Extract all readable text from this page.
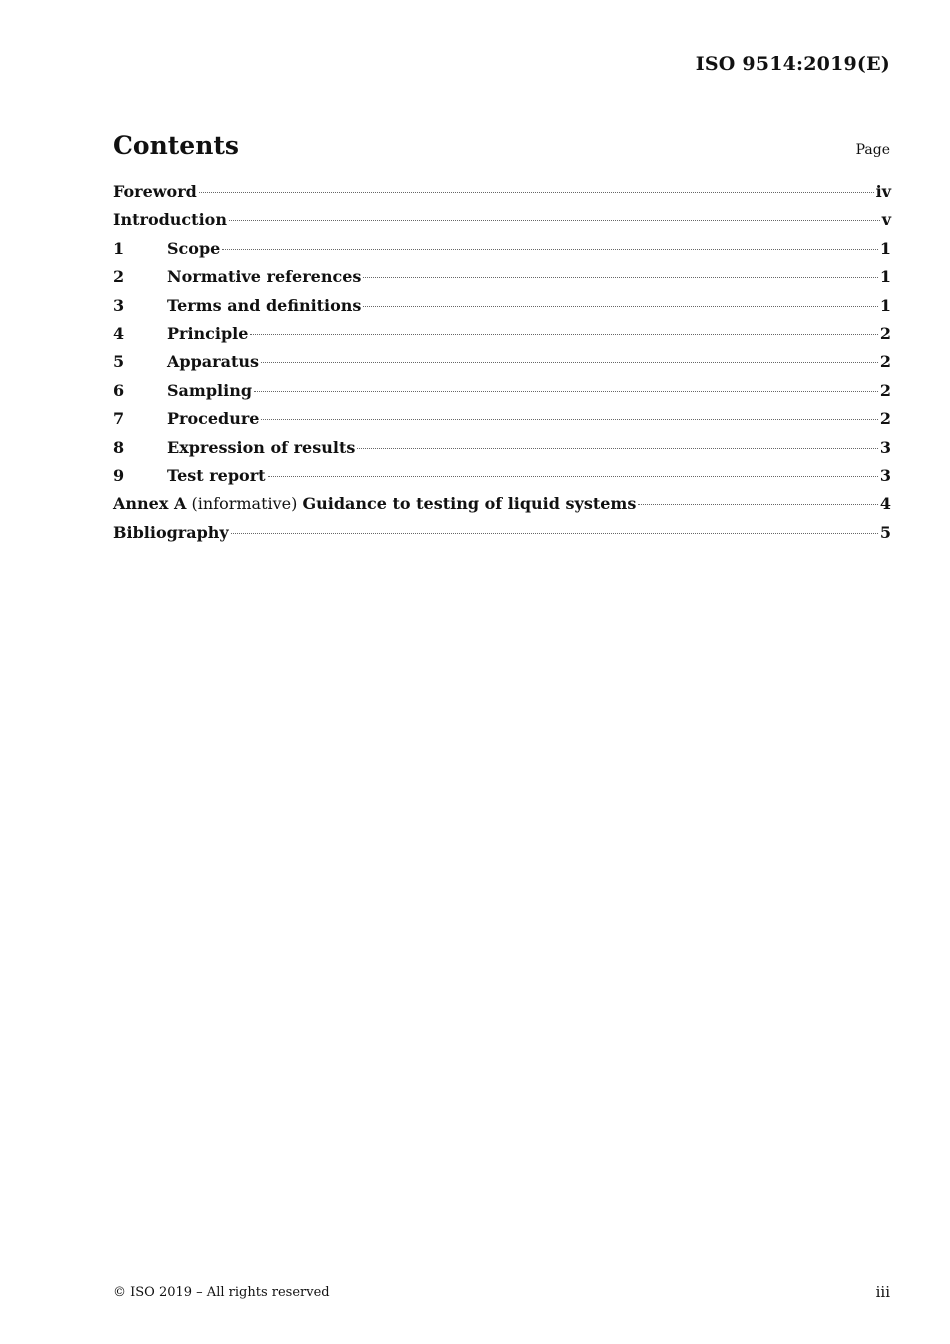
ISO 9514:2019(E)
Contents	Page
Foreword	iv
Introduction	v
1	Scope	1
2	Normative references	1
3	Terms and definitions	1
4	Principle	2
5	Apparatus	2
6	Sampling	2
7	Procedure	2
8	Expression of results	3
9	Test report	3
Annex A (informative) Guidance to testing of liquid systems	4
Bibliography	5
© ISO 2019 – All rights reserved	iii
